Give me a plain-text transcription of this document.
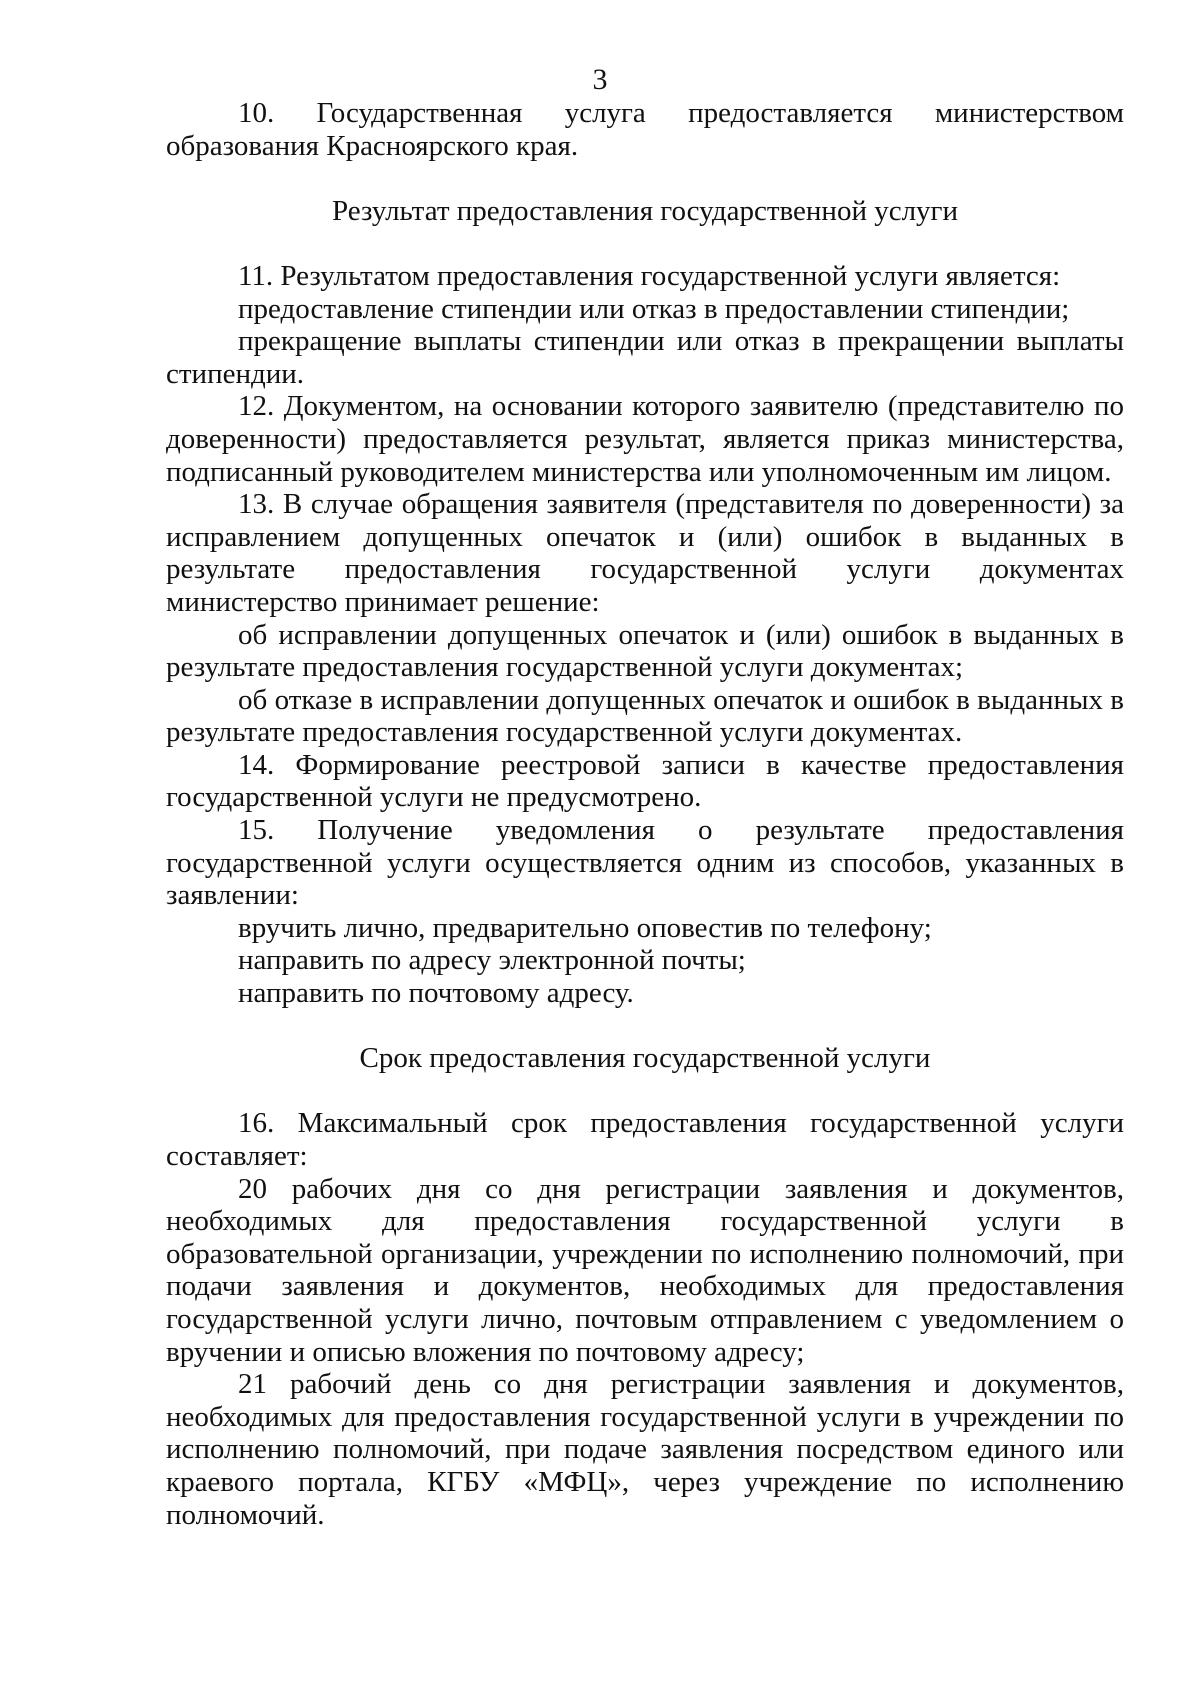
3

10. Государственная услуга предоставляется министерством образования Красноярского края.

Результат предоставления государственной услуги

11. Результатом предоставления государственной услуги является:

предоставление стипендии или отказ в предоставлении стипендии;

прекращение выплаты стипендии или отказ в прекращении выплаты стипендии.

12. Документом, на основании которого заявителю (представителю по доверенности) предоставляется результат, является приказ министерства, подписанный руководителем министерства или уполномоченным им лицом.

13. В случае обращения заявителя (представителя по доверенности) за исправлением допущенных опечаток и (или) ошибок в выданных в результате предоставления государственной услуги документах министерство принимает решение:

об исправлении допущенных опечаток и (или) ошибок в выданных в результате предоставления государственной услуги документах;

об отказе в исправлении допущенных опечаток и ошибок в выданных в результате предоставления государственной услуги документах.

14. Формирование реестровой записи в качестве предоставления государственной услуги не предусмотрено.

15. Получение уведомления о результате предоставления государственной услуги осуществляется одним из способов, указанных в заявлении:

вручить лично, предварительно оповестив по телефону;

направить по адресу электронной почты;

направить по почтовому адресу.

Срок предоставления государственной услуги

16. Максимальный срок предоставления государственной услуги составляет:

20 рабочих дня со дня регистрации заявления и документов, необходимых для предоставления государственной услуги в образовательной организации, учреждении по исполнению полномочий, при подачи заявления и документов, необходимых для предоставления государственной услуги лично, почтовым отправлением с уведомлением о вручении и описью вложения по почтовому адресу;

21 рабочий день со дня регистрации заявления и документов, необходимых для предоставления государственной услуги в учреждении по исполнению полномочий, при подаче заявления посредством единого или краевого портала, КГБУ «МФЦ», через учреждение по исполнению полномочий.
